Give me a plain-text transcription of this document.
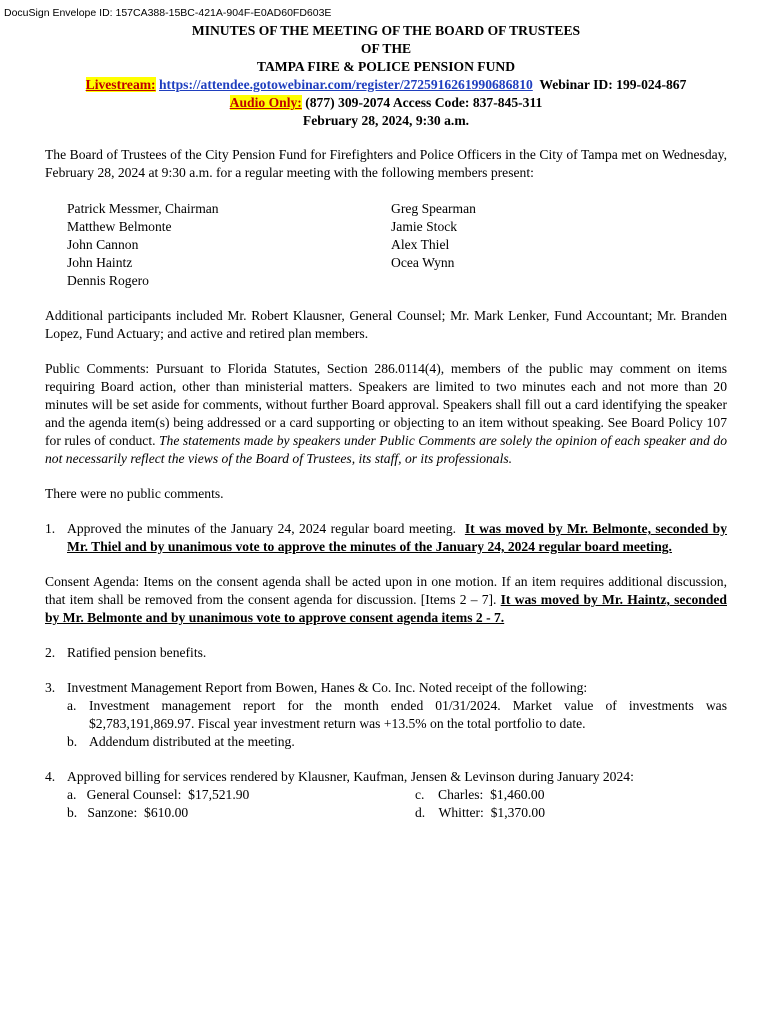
DocuSign Envelope ID: 157CA388-15BC-421A-904F-E0AD60FD603E
MINUTES OF THE MEETING OF THE BOARD OF TRUSTEES
OF THE
TAMPA FIRE & POLICE PENSION FUND
Livestream: https://attendee.gotowebinar.com/register/2725916261990686810 Webinar ID: 199-024-867
Audio Only: (877) 309-2074 Access Code: 837-845-311
February 28, 2024, 9:30 a.m.

The Board of Trustees of the City Pension Fund for Firefighters and Police Officers in the City of Tampa met on Wednesday, February 28, 2024 at 9:30 a.m. for a regular meeting with the following members present:

Patrick Messmer, Chairman
Matthew Belmonte
John Cannon
John Haintz
Dennis Rogero
Greg Spearman
Jamie Stock
Alex Thiel
Ocea Wynn

Additional participants included Mr. Robert Klausner, General Counsel; Mr. Mark Lenker, Fund Accountant; Mr. Branden Lopez, Fund Actuary; and active and retired plan members.

Public Comments: Pursuant to Florida Statutes, Section 286.0114(4), members of the public may comment on items requiring Board action, other than ministerial matters. Speakers are limited to two minutes each and not more than 20 minutes will be set aside for comments, without further Board approval. Speakers shall fill out a card identifying the speaker and the agenda item(s) being addressed or a card supporting or objecting to an item without speaking. See Board Policy 107 for rules of conduct. The statements made by speakers under Public Comments are solely the opinion of each speaker and do not necessarily reflect the views of the Board of Trustees, its staff, or its professionals.

There were no public comments.

1. Approved the minutes of the January 24, 2024 regular board meeting. It was moved by Mr. Belmonte, seconded by Mr. Thiel and by unanimous vote to approve the minutes of the January 24, 2024 regular board meeting.

Consent Agenda: Items on the consent agenda shall be acted upon in one motion. If an item requires additional discussion, that item shall be removed from the consent agenda for discussion. [Items 2 – 7]. It was moved by Mr. Haintz, seconded by Mr. Belmonte and by unanimous vote to approve consent agenda items 2 - 7.

2. Ratified pension benefits.
3. Investment Management Report from Bowen, Hanes & Co. Inc. Noted receipt of the following:
a. Investment management report for the month ended 01/31/2024. Market value of investments was $2,783,191,869.97. Fiscal year investment return was +13.5% on the total portfolio to date.
b. Addendum distributed at the meeting.
4. Approved billing for services rendered by Klausner, Kaufman, Jensen & Levinson during January 2024:
a.   General Counsel:  $17,521.90
b.   Sanzone:  $610.00
c.    Charles:  $1,460.00
d.    Whitter:  $1,370.00
